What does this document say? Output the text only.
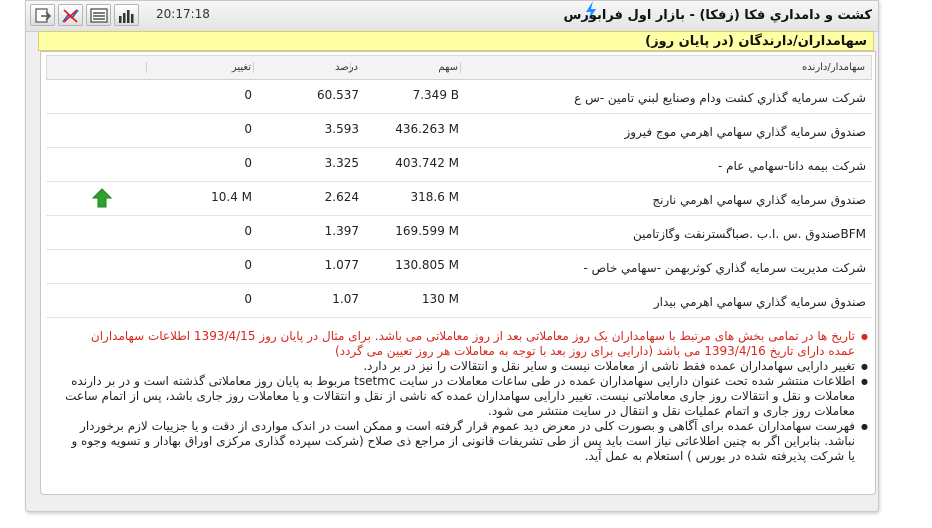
20:17:18	کشت و دامداري فکا (زفکا) - بازار اول فرابورس
سهامداران/دارندگان (در پایان روز)
سهامدار/دارنده
سهم
درصد
تغییر
شرکت سرمايه گذاري کشت ودام وصنايع لبني تامين -س ع
7.349 B
60.537
0
صندوق سرمايه گذاري سهامي اهرمي موج فيروز
436.263 M
3.593
0
شرکت بيمه دانا-سهامي عام -
403.742 M
3.325
0
صندوق سرمايه گذاري سهامي اهرمي نارنج
318.6 M
2.624
10.4 M
BFMصندوق .س .ا.ب .صباگسترنفت وگازتامين
169.599 M
1.397
0
شرکت مديريت سرمايه گذاري کوثربهمن -سهامي خاص -
130.805 M
1.077
0
صندوق سرمايه گذاري سهامي اهرمي بيدار
130 M
1.07
0

● تاریخ ها در تمامی بخش های مرتبط با سهامداران یک روز معاملاتی بعد از روز معاملاتی می باشد. برای مثال در پایان روز 1393/4/15 اطلاعات سهامداران عمده دارای تاریخ 1393/4/16 می باشد (دارایی برای روز بعد با توجه به معاملات هر روز تعیین می گردد)

● تغییر دارایی سهامداران عمده فقط ناشی از معاملات نیست و سایر نقل و انتقالات را نیز در بر دارد.

● اطلاعات منتشر شده تحت عنوان دارایی سهامداران عمده در طی ساعات معاملات در سایت tsetmc مربوط به پایان روز معاملاتی گذشته است و در بر دارنده معاملات و نقل و انتقالات روز جاری معاملاتی نیست. تغییر دارایی سهامداران عمده که ناشی از نقل و انتقالات و یا معاملات روز جاری باشد، پس از اتمام ساعت معاملات روز جاری و اتمام عملیات نقل و انتقال در سایت منتشر می شود.

● فهرست سهامداران عمده برای آگاهی و بصورت کلی در معرض دید عموم قرار گرفته است و ممکن است در اندک مواردی از دقت و یا جزییات لازم برخوردار نباشد. بنابراین اگر به چنین اطلاعاتی نیاز است باید پس از طی تشریفات قانونی از مراجع ذی صلاح (شرکت سپرده گذاری مرکزی اوراق بهادار و تسویه وجوه و یا شرکت پذیرفته شده در بورس ) استعلام به عمل آید.
